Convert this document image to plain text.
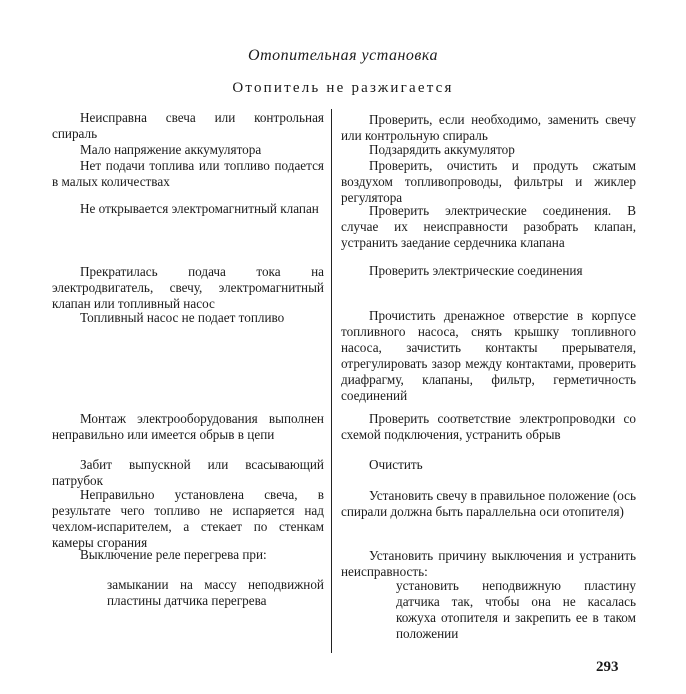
Отопительная установка
Отопитель не разжигается

Неисправна свеча или контрольная спираль

Мало напряжение аккумулятора

Нет подачи топлива или топливо подается в малых количествах

Не открывается электромагнитный клапан

Прекратилась подача тока на электродвигатель, свечу, электромагнитный клапан или топливный насос

Топливный насос не подает топливо

Монтаж электрооборудования выполнен неправильно или имеется обрыв в цепи

Забит выпускной или всасывающий патрубок

Неправильно установлена свеча, в результате чего топливо не испаряется над чехлом-испарителем, а стекает по стенкам камеры сгорания

Выключение реле перегрева при:

замыкании на массу неподвижной пластины датчика перегрева

Проверить, если необходимо, заменить свечу или контрольную спираль

Подзарядить аккумулятор

Проверить, очистить и продуть сжатым воздухом топливопроводы, фильтры и жиклер регулятора

Проверить электрические соединения. В случае их неисправности разобрать клапан, устранить заедание сердечника клапана

Проверить электрические соединения

Прочистить дренажное отверстие в корпусе топливного насоса, снять крышку топливного насоса, зачистить контакты прерывателя, отрегулировать зазор между контактами, проверить диафрагму, клапаны, фильтр, герметичность соединений

Проверить соответствие электропроводки со схемой подключения, устранить обрыв

Очистить

Установить свечу в правильное положение (ось спирали должна быть параллельна оси отопителя)

Установить причину выключения и устранить неисправность:

установить неподвижную пластину датчика так, чтобы она не касалась кожуха отопителя и закрепить ее в таком положении

293
